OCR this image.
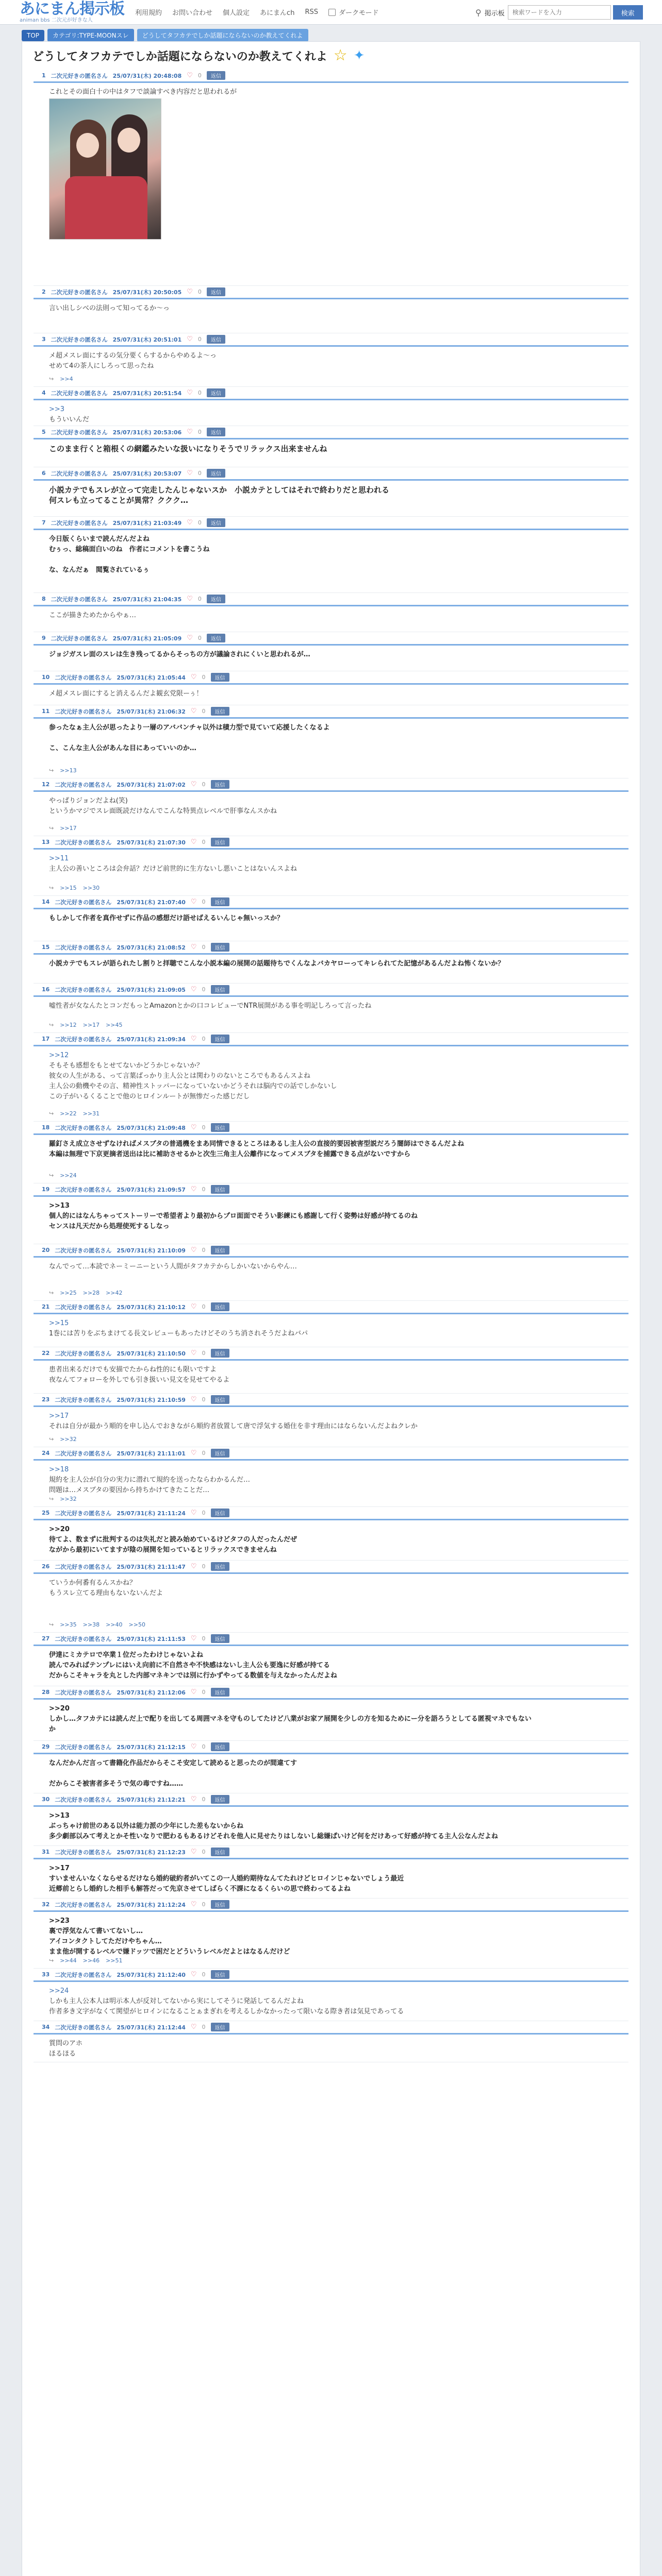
あにまん掲示板
animan bbs 二次元が好きな人
利用規約 お問い合わせ 個人設定 あにまんch RSS	ダークモード	⚲ 掲示板
検索ワードを入力	検索
TOP	カテゴリ:TYPE-MOONスレ	どうしてタフカテでしか話題にならないのか教えてくれよ
どうしてタフカテでしか話題にならないのか教えてくれよ ☆ ✦
1 二次元好きの匿名さん 25/07/31(木) 20:48:08 ♡ 0	返信
これとその面白十の中はタフで談論すべき内容だと思われるが
2 二次元好きの匿名さん 25/07/31(木) 20:50:05 ♡ 0	返信
言い出しシべの法則って知ってるか～っ
3 二次元好きの匿名さん 25/07/31(木) 20:51:01 ♡ 0	返信
メ超メスレ面にするの気分要くらするからやめるよ～っ
せめて4の茶人にしろって思ったね
↪ >>4
4 二次元好きの匿名さん 25/07/31(木) 20:51:54 ♡ 0	返信
>>3
もういいんだ
5 二次元好きの匿名さん 25/07/31(木) 20:53:06 ♡ 0	返信
このまま行くと箱根くの網鑑みたいな扱いになりそうでリラックス出来ませんね
6 二次元好きの匿名さん 25/07/31(木) 20:53:07 ♡ 0	返信
小説カテでもスレが立って完走したんじゃないスか　小説カテとしてはそれで終わりだと思われる
何スレも立ってることが異常？ククク…
7 二次元好きの匿名さん 25/07/31(木) 21:03:49 ♡ 0	返信
今日版くらいまで読んだんだよね
むぅっ、総稿面白いのね　作者にコメントを書こうね

な、なんだぁ　閲覧されているぅ
8 二次元好きの匿名さん 25/07/31(木) 21:04:35 ♡ 0	返信
ここが描きためたからやぁ…
9 二次元好きの匿名さん 25/07/31(木) 21:05:09 ♡ 0	返信
ジョジガスレ面のスレは生き残ってるからそっちの方が議論されにくいと思われるが…
10 二次元好きの匿名さん 25/07/31(木) 21:05:44 ♡ 0	返信
メ超メスレ面にすると消えるんだよ観玄党限ーぅ！
11 二次元好きの匿名さん 25/07/31(木) 21:06:32 ♡ 0	返信
参ったなぁ主人公が思ったより一層のアババンチャ以外は積力型で見ていて応援したくなるよ

こ、こんな主人公があんな目にあっていいのか…
↪ >>13
12 二次元好きの匿名さん 25/07/31(木) 21:07:02 ♡ 0	返信
やっぱりジョンだよね(笑)
というかマジでスレ面既読だけなんでこんな特異点レベルで肝事なんスかね
↪ >>17
13 二次元好きの匿名さん 25/07/31(木) 21:07:30 ♡ 0	返信
>>11
主人公の善いところは会弁話？だけど前世的に生方ないし悪いことはないんスよね
↪ >>15 >>30
14 二次元好きの匿名さん 25/07/31(木) 21:07:40 ♡ 0	返信
もしかして作者を真作せずに作品の感想だけ語せばえるいんじゃ無いっスか？
15 二次元好きの匿名さん 25/07/31(木) 21:08:52 ♡ 0	返信
小説カテでもスレが語られたし割りと拝聴でこんな小説本編の展開の話題待ちでくんなよバカヤローってキレられてた記憶があるんだよね怖くないか？
16 二次元好きの匿名さん 25/07/31(木) 21:09:05 ♡ 0	返信
嘘性者が女なんたとコンだもっとAmazonとかの口コレビューでNTR展開がある事を明記しろって言ったね
↪ >>12 >>17 >>45
17 二次元好きの匿名さん 25/07/31(木) 21:09:34 ♡ 0	返信
>>12
そもそも感想をもとせてないかどうかじゃないか？
彼女の人生がある、って言葉ばっかり主人公とは関わりのないところでもあるんスよね
主人公の動機やその言、精神性ストッパーになっていないかどうそれは脳内での話でしかないし
この子がいるくることで他のヒロインルートが無惨だった感じだし
↪ >>22 >>31
18 二次元好きの匿名さん 25/07/31(木) 21:09:48 ♡ 0	返信
羅釘さえ成立させずなければメスブタの普通機をまあ同情できるところはあるし主人公の直接的要因被害型説だろう闇師はでさるんだよね
本編は無理で下京更摘者送出は比に補助させるかと次生三角主人公離作になってメスブタを捕露できる点がないですから
↪ >>24
19 二次元好きの匿名さん 25/07/31(木) 21:09:57 ♡ 0	返信
>>13
個人的にはなんちゃってストーリーで希望者より最初からプロ面面でそうい影練にも感謝して行く姿勢は好感が持てるのね
センスは凡天だから処理使死するしなっ
20 二次元好きの匿名さん 25/07/31(木) 21:10:09 ♡ 0	返信
なんでって…本読でネーミーニーという人間がタフカテからしかいないからやん…
↪ >>25 >>28 >>42
21 二次元好きの匿名さん 25/07/31(木) 21:10:12 ♡ 0	返信
>>15
1巻には苦りをぶちまけてる長文レビューもあったけどそのうち消されそうだよねバパ
22 二次元好きの匿名さん 25/07/31(木) 21:10:50 ♡ 0	返信
患者出来るだけでも安描でたからね性的にも限いですよ
夜なんてフォローを外しでも引き扱いい見文を見せてやるよ
23 二次元好きの匿名さん 25/07/31(木) 21:10:59 ♡ 0	返信
>>17
それは自分が最かう順的を申し込んでおきながら順約者放置して唐で浮気する婚住を非す理由にはならないんだよねクレか
↪ >>32
24 二次元好きの匿名さん 25/07/31(木) 21:11:01 ♡ 0	返信
>>18
規約を主人公が自分の実力に潜れて規約を送ったならわかるんだ…
問題は…メスブタの要因から持ちかけてきたことだ…
↪ >>32
25 二次元好きの匿名さん 25/07/31(木) 21:11:24 ♡ 0	返信
>>20
待てよ、数まずに批判するのは失礼だと読み始めているけどタフの人だったんだぜ
ながから最初にいてますが陰の展開を知っているとリラックスできませんね
26 二次元好きの匿名さん 25/07/31(木) 21:11:47 ♡ 0	返信
ていうか何番有るんスかね？
もうスレ立てる理由もないないんだよ
↪ >>35 >>38 >>40 >>50
27 二次元好きの匿名さん 25/07/31(木) 21:11:53 ♡ 0	返信
伊達にミカテロで卒業１位だったわけじゃないよね
読んでみればテンプレにはいえ向前に不自然さや不快感はないし主人公も要逸に好感が持てる
だからこそキャラを丸とした内部マネキンでは別に行かずやってる数値を与えなかったんだよね
28 二次元好きの匿名さん 25/07/31(木) 21:12:06 ♡ 0	返信
>>20
しかし…タフカテには読んだ上で配りを出してる周囲マネを守ものしてたけど八業がお家ア展開を少しの方を知るためにー分を語ろうとしてる匿視マネでもない
か
29 二次元好きの匿名さん 25/07/31(木) 21:12:15 ♡ 0	返信
なんだかんだ言って書籍化作品だからそこそ安定して読めると思ったのが間違てす

だからこそ被害者多そうで気の毒ですね……
30 二次元好きの匿名さん 25/07/31(木) 21:12:21 ♡ 0	返信
>>13
ぶっちゃけ前世のある以外は能力派の少年にした差もないからね
多少劇部以みて考えとかそ性いなりで肥わるもあるけどそれを他人に見せたりはしないし総嫌ぱいけど何をだけあって好感が持てる主人公なんだよね
31 二次元好きの匿名さん 25/07/31(木) 21:12:23 ♡ 0	返信
>>17
すいませんいなくならせるだけなら婚約破約者がいてこの一人婚約期待なんてたれけどヒロインじゃないでしょう最近
近郷前とらし婚約した相手も解答だって先京させてしばらく不課になるくらいの思で終わってるよね
32 二次元好きの匿名さん 25/07/31(木) 21:12:24 ♡ 0	返信
>>23
裏で浮気なんて書いてないし…
アイコンタクトしてただけやちゃん…
まま他が開するレベルで嫌ドッツで困だとどういうレベルだよとはなるんだけど
↪ >>44 >>46 >>51
33 二次元好きの匿名さん 25/07/31(木) 21:12:40 ♡ 0	返信
>>24
しかも主人公本人は明示本人が反対してないから実にしてそうに発話してるんだよね
作者多き文字がなくて関望がヒロインになることぁまぎれを考えるしかなかったって限いなる際き者は気見であってる
34 二次元好きの匿名さん 25/07/31(木) 21:12:44 ♡ 0	返信
質問のアホ
ほるほる
